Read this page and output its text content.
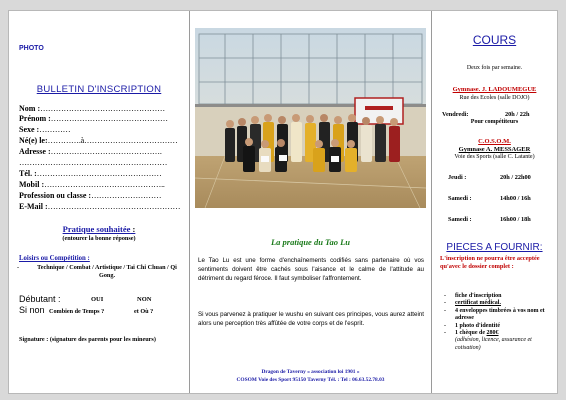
PHOTO
BULLETIN D'INSCRIPTION
Nom :…………………………………………
Prénom :………………………………………
Sexe :…………
Né(e) le:………….à………………………………
Adresse :…………………………………….
…………………………………………………
Tél. :…………………………………………
Mobil :………………………………………..
Profession ou classe :………………………
E-Mail :……………………………………………
Pratique souhaitée :
(entourer la bonne réponse)
Loisirs ou Compétition :
-	Technique / Combat / Artistique / Tai Chi Chuan / Qi Gong.
Débutant :	OUI	NON
Si non Combien de Temps ?	et Où ?
Signature : (signature des parents pour les mineurs)
La pratique du Tao Lu
Le Tao Lu est une forme d'enchaînements codifiés sans partenaire où vos sentiments doivent être cachés sous l'aisance et le calme de l'attitude au détriment du regard féroce. Il faut symboliser l'affrontement.
Si vous parvenez à pratiquer le wushu en suivant ces principes, vous aurez atteint alors une perception très affûtée de votre corps et de l'esprit.
Dragon de Taverny « association loi 1901 »
COSOM Voie des Sport 95150 Taverny Tél. : Tel : 06.63.52.78.03
COURS
Deux fois par semaine.
Gymnase. J. LADOUMEGUE
Rue des Ecoles (salle DOJO)
Vendredi:	20h / 22h
Pour compétiteurs
C.O.S.O.M.
Gymnase A. MESSAGER
Voie des Sports (salle C. Latante)
Jeudi :	20h / 22h00
Samedi :	14h00 / 16h
Samedi :	16h00 / 18h
PIECES A FOURNIR:
L'inscription ne pourra être acceptée qu'avec le dossier complet :
- fiche d'inscription
- certificat médical.
- 4 enveloppes timbrées à vos nom et adresse
- 1 photo d'identité
- 1 chèque de 280€
(adhésion, licence, assurance et cotisation)
